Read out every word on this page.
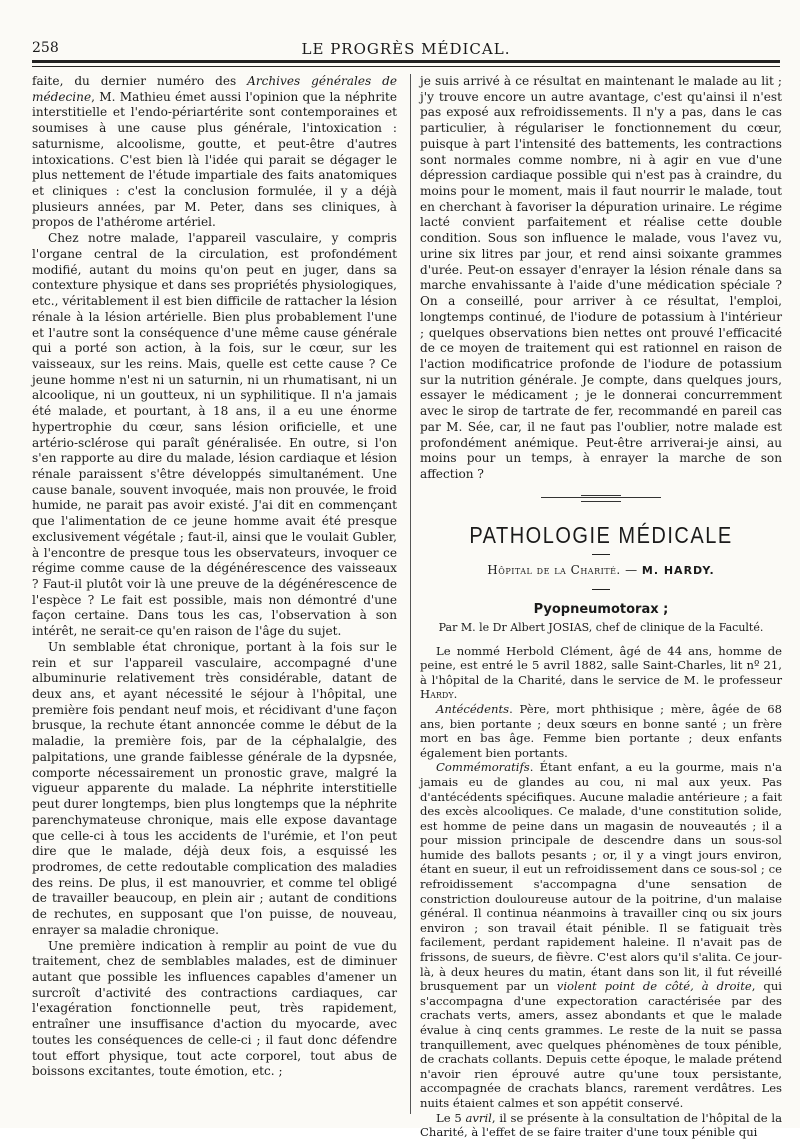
258	LE PROGRÈS MÉDICAL.

faite, du dernier numéro des Archives générales de médecine, M. Mathieu émet aussi l'opinion que la néphrite interstitielle et l'endo-périartérite sont contemporaines et soumises à une cause plus générale, l'intoxication : saturnisme, alcoolisme, goutte, et peut-être d'autres intoxications. C'est bien là l'idée qui parait se dégager le plus nettement de l'étude impartiale des faits anatomiques et cliniques : c'est la conclusion formulée, il y a déjà plusieurs années, par M. Peter, dans ses cliniques, à propos de l'athérome artériel.

Chez notre malade, l'appareil vasculaire, y compris l'organe central de la circulation, est profondément modifié, autant du moins qu'on peut en juger, dans sa contexture physique et dans ses propriétés physiologiques, etc., véritablement il est bien difficile de rattacher la lésion rénale à la lésion artérielle. Bien plus probablement l'une et l'autre sont la conséquence d'une même cause générale qui a porté son action, à la fois, sur le cœur, sur les vaisseaux, sur les reins. Mais, quelle est cette cause ? Ce jeune homme n'est ni un saturnin, ni un rhumatisant, ni un alcoolique, ni un goutteux, ni un syphilitique. Il n'a jamais été malade, et pourtant, à 18 ans, il a eu une énorme hypertrophie du cœur, sans lésion orificielle, et une artério-sclérose qui paraît généralisée. En outre, si l'on s'en rapporte au dire du malade, lésion cardiaque et lésion rénale paraissent s'être développés simultanément. Une cause banale, souvent invoquée, mais non prouvée, le froid humide, ne parait pas avoir existé. J'ai dit en commençant que l'alimentation de ce jeune homme avait été presque exclusivement végétale ; faut-il, ainsi que le voulait Gubler, à l'encontre de presque tous les observateurs, invoquer ce régime comme cause de la dégénérescence des vaisseaux ? Faut-il plutôt voir là une preuve de la dégénérescence de l'espèce ? Le fait est possible, mais non démontré d'une façon certaine. Dans tous les cas, l'observation à son intérêt, ne serait-ce qu'en raison de l'âge du sujet.

Un semblable état chronique, portant à la fois sur le rein et sur l'appareil vasculaire, accompagné d'une albuminurie relativement très considérable, datant de deux ans, et ayant nécessité le séjour à l'hôpital, une première fois pendant neuf mois, et récidivant d'une façon brusque, la rechute étant annoncée comme le début de la maladie, la première fois, par de la céphalalgie, des palpitations, une grande faiblesse générale de la dypsnée, comporte nécessairement un pronostic grave, malgré la vigueur apparente du malade. La néphrite interstitielle peut durer longtemps, bien plus longtemps que la néphrite parenchymateuse chronique, mais elle expose davantage que celle-ci à tous les accidents de l'urémie, et l'on peut dire que le malade, déjà deux fois, a esquissé les prodromes, de cette redoutable complication des maladies des reins. De plus, il est manouvrier, et comme tel obligé de travailler beaucoup, en plein air ; autant de conditions de rechutes, en supposant que l'on puisse, de nouveau, enrayer sa maladie chronique.

Une première indication à remplir au point de vue du traitement, chez de semblables malades, est de diminuer autant que possible les influences capables d'amener un surcroît d'activité des contractions cardiaques, car l'exagération fonctionnelle peut, très rapidement, entraîner une insuffisance d'action du myocarde, avec toutes les conséquences de celle-ci ; il faut donc défendre tout effort physique, tout acte corporel, tout abus de boissons excitantes, toute émotion, etc. ;

je suis arrivé à ce résultat en maintenant le malade au lit ; j'y trouve encore un autre avantage, c'est qu'ainsi il n'est pas exposé aux refroidissements. Il n'y a pas, dans le cas particulier, à régulariser le fonctionnement du cœur, puisque à part l'intensité des battements, les contractions sont normales comme nombre, ni à agir en vue d'une dépression cardiaque possible qui n'est pas à craindre, du moins pour le moment, mais il faut nourrir le malade, tout en cherchant à favoriser la dépuration urinaire. Le régime lacté convient parfaitement et réalise cette double condition. Sous son influence le malade, vous l'avez vu, urine six litres par jour, et rend ainsi soixante grammes d'urée. Peut-on essayer d'enrayer la lésion rénale dans sa marche envahissante à l'aide d'une médication spéciale ? On a conseillé, pour arriver à ce résultat, l'emploi, longtemps continué, de l'iodure de potassium à l'intérieur ; quelques observations bien nettes ont prouvé l'efficacité de ce moyen de traitement qui est rationnel en raison de l'action modificatrice profonde de l'iodure de potassium sur la nutrition générale. Je compte, dans quelques jours, essayer le médicament ; je le donnerai concurremment avec le sirop de tartrate de fer, recommandé en pareil cas par M. Sée, car, il ne faut pas l'oublier, notre malade est profondément anémique. Peut-être arriverai-je ainsi, au moins pour un temps, à enrayer la marche de son affection ?

PATHOLOGIE MÉDICALE
Hôpital de la Charité. — M. HARDY.
Pyopneumotorax ;
Par M. le Dr Albert JOSIAS, chef de clinique de la Faculté.

Le nommé Herbold Clément, âgé de 44 ans, homme de peine, est entré le 5 avril 1882, salle Saint-Charles, lit nº 21, à l'hôpital de la Charité, dans le service de M. le professeur Hardy.

Antécédents. Père, mort phthisique ; mère, âgée de 68 ans, bien portante ; deux sœurs en bonne santé ; un frère mort en bas âge. Femme bien portante ; deux enfants également bien portants.

Commémoratifs. Étant enfant, a eu la gourme, mais n'a jamais eu de glandes au cou, ni mal aux yeux. Pas d'antécédents spécifiques. Aucune maladie antérieure ; a fait des excès alcooliques. Ce malade, d'une constitution solide, est homme de peine dans un magasin de nouveautés ; il a pour mission principale de descendre dans un sous-sol humide des ballots pesants ; or, il y a vingt jours environ, étant en sueur, il eut un refroidissement dans ce sous-sol ; ce refroidissement s'accompagna d'une sensation de constriction douloureuse autour de la poitrine, d'un malaise général. Il continua néanmoins à travailler cinq ou six jours environ ; son travail était pénible. Il se fatiguait très facilement, perdant rapidement haleine. Il n'avait pas de frissons, de sueurs, de fièvre. C'est alors qu'il s'alita. Ce jour-là, à deux heures du matin, étant dans son lit, il fut réveillé brusquement par un violent point de côté, à droite, qui s'accompagna d'une expectoration caractérisée par des crachats verts, amers, assez abondants et que le malade évalue à cinq cents grammes. Le reste de la nuit se passa tranquillement, avec quelques phénomènes de toux pénible, de crachats collants. Depuis cette époque, le malade prétend n'avoir rien éprouvé autre qu'une toux persistante, accompagnée de crachats blancs, rarement verdâtres. Les nuits étaient calmes et son appétit conservé.

Le 5 avril, il se présente à la consultation de l'hôpital de la Charité, à l'effet de se faire traiter d'une toux pénible qui
